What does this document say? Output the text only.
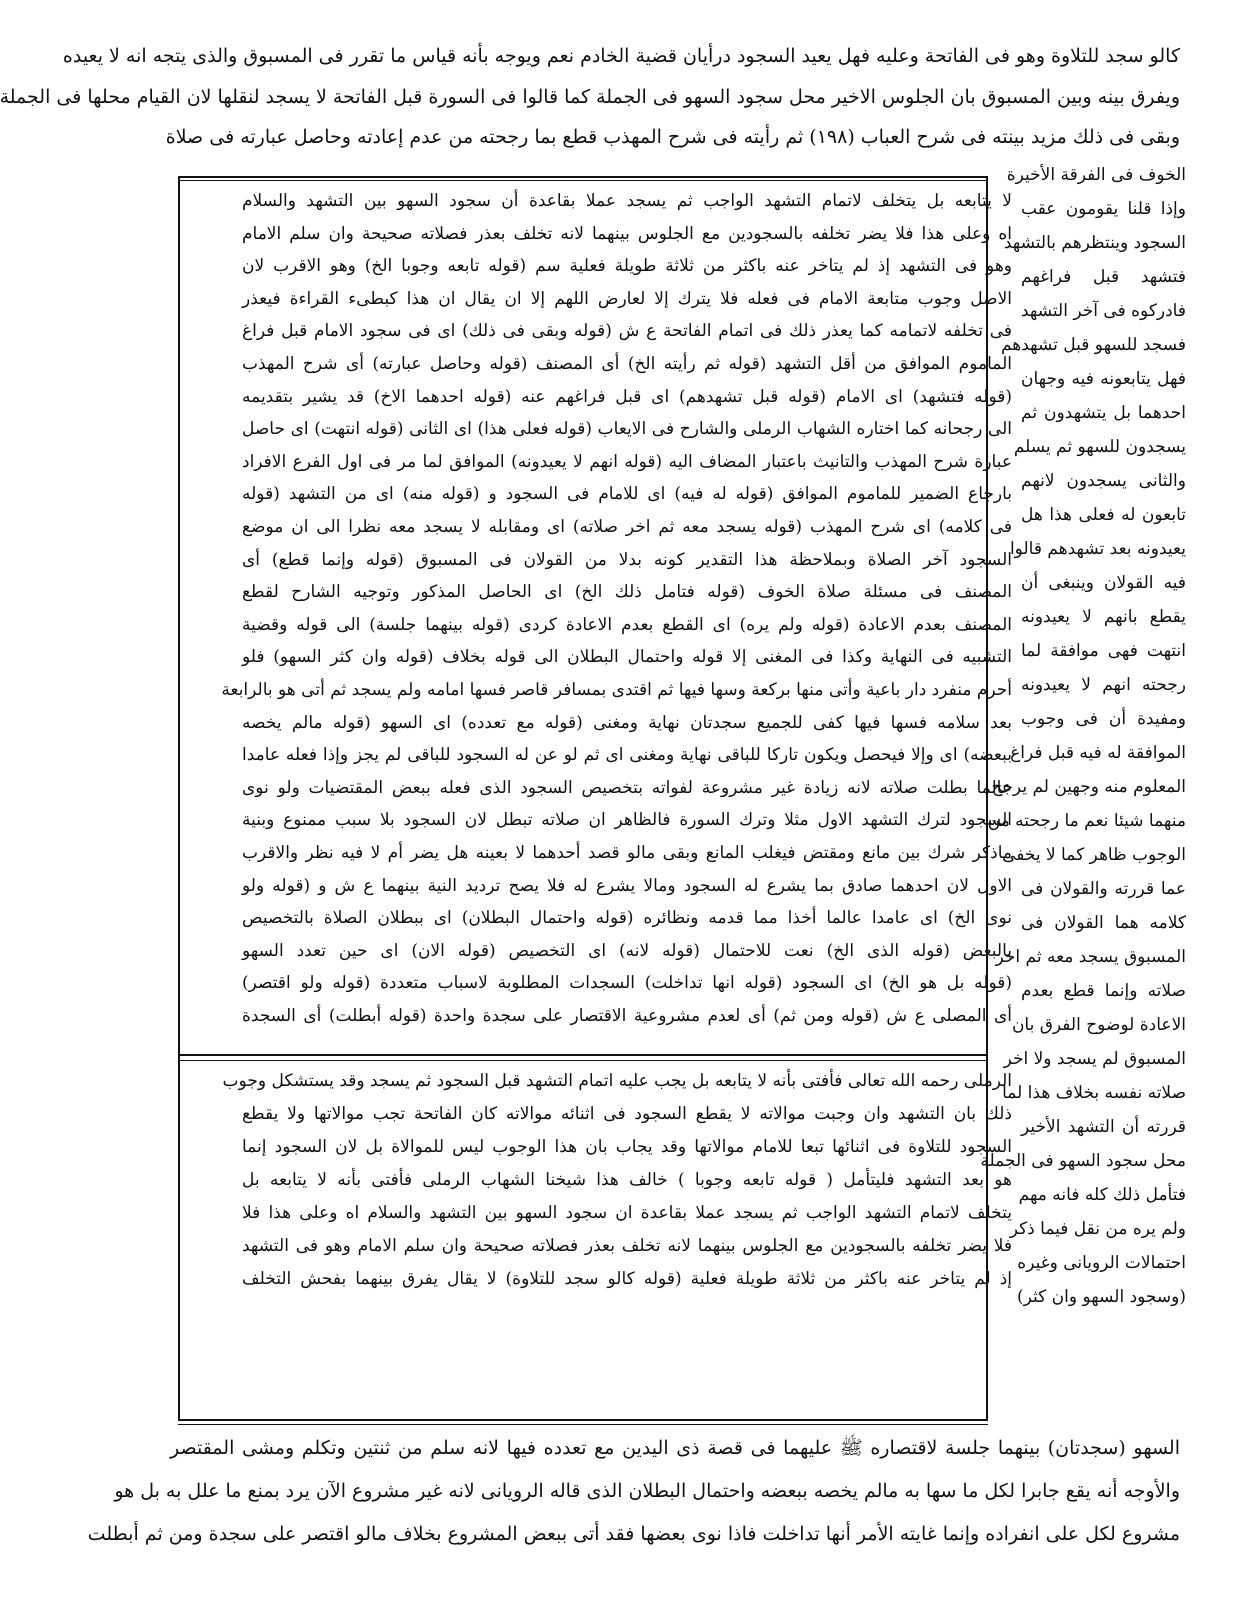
كالو سجد للتلاوة وهو فى الفاتحة وعليه فهل يعيد السجود درأيان قضية الخادم نعم ويوجه بأنه قياس ما تقرر فى المسبوق والذى يتجه انه لا يعيده
ويفرق بينه وبين المسبوق بان الجلوس الاخير محل سجود السهو فى الجملة كما قالوا فى السورة قبل الفاتحة لا يسجد لنقلها لان القيام محلها فى الجملة
وبقى فى ذلك مزيد بينته فى شرح العباب (١٩٨) ثم رأيته فى شرح المهذب قطع بما رجحته من عدم إعادته وحاصل عبارته فى صلاة
الخوف فى الفرقة الأخيرة
وإذا قلنا يقومون عقب
السجود وينتظرهم بالتشهد
فتشهد قبل فراغهم
فادركوه فى آخر التشهد
فسجد للسهو قبل تشهدهم
فهل يتابعونه فيه وجهان
احدهما بل يتشهدون ثم
يسجدون للسهو ثم يسلم
والثانى يسجدون لانهم
تابعون له فعلى هذا هل
يعيدونه بعد تشهدهم قالوا
فيه القولان وينبغى أن
يقطع بانهم لا يعيدونه
انتهت فهى موافقة لما
رجحته انهم لا يعيدونه
ومفيدة أن فى وجوب
الموافقة له فيه قبل فراغ
المعلوم منه وجهين لم يرجح
منهما شيئا نعم ما رجحته من
الوجوب ظاهر كما لا يخفى
عما قررته والقولان فى
كلامه هما القولان فى
المسبوق يسجد معه ثم اخر
صلاته وإنما قطع بعدم
الاعادة لوضوح الفرق بان
المسبوق لم يسجد ولا اخر
صلاته نفسه بخلاف هذا لما
قررته أن التشهد الأخير
محل سجود السهو فى الجملة
فتأمل ذلك كله فانه مهم
ولم يره من نقل فيما ذكر
احتمالات الرويانى وغيره
(وسجود السهو وان كثر)
لا يتابعه بل يتخلف لاتمام التشهد الواجب ثم يسجد عملا بقاعدة أن سجود السهو بين التشهد والسلام
اه وعلى هذا فلا يضر تخلفه بالسجودين مع الجلوس بينهما لانه تخلف بعذر فصلاته صحيحة وان سلم الامام
وهو فى التشهد إذ لم يتاخر عنه باكثر من ثلاثة طويلة فعلية سم (قوله تابعه وجوبا الخ) وهو الاقرب لان
الاصل وجوب متابعة الامام فى فعله فلا يترك إلا لعارض اللهم إلا ان يقال ان هذا كبطىء القراءة فيعذر
فى تخلفه لاتمامه كما يعذر ذلك فى اتمام الفاتحة ع ش (قوله وبقى فى ذلك) اى فى سجود الامام قبل فراغ
الماموم الموافق من أقل التشهد (قوله ثم رأيته الخ) أى المصنف (قوله وحاصل عبارته) أى شرح المهذب
(قوله فتشهد) اى الامام (قوله قبل تشهدهم) اى قبل فراغهم عنه (قوله احدهما الاخ) قد يشير بتقديمه
الى رجحانه كما اختاره الشهاب الرملى والشارح فى الايعاب (قوله فعلى هذا) اى الثانى (قوله انتهت) اى حاصل
عبارة شرح المهذب والتانيث باعتبار المضاف اليه (قوله انهم لا يعيدونه) الموافق لما مر فى اول الفرع الافراد
بارجاع الضمير للماموم الموافق (قوله له فيه) اى للامام فى السجود و (قوله منه) اى من التشهد (قوله
فى كلامه) اى شرح المهذب (قوله يسجد معه ثم اخر صلاته) اى ومقابله لا يسجد معه نظرا الى ان موضع
السجود آخر الصلاة وبملاحظة هذا التقدير كونه بدلا من القولان فى المسبوق (قوله وإنما قطع) أى
المصنف فى مسئلة صلاة الخوف (قوله فتامل ذلك الخ) اى الحاصل المذكور وتوجيه الشارح لقطع
المصنف بعدم الاعادة (قوله ولم يره) اى القطع بعدم الاعادة كردى (قوله بينهما جلسة) الى قوله وقضية
التشبيه فى النهاية وكذا فى المغنى إلا قوله واحتمال البطلان الى قوله بخلاف (قوله وان كثر السهو) فلو
أحرم منفرد دار باعية وأتى منها بركعة وسها فيها ثم اقتدى بمسافر قاصر فسها امامه ولم يسجد ثم أتى هو بالرابعة
بعد سلامه فسها فيها كفى للجميع سجدتان نهاية ومغنى (قوله مع تعدده) اى السهو (قوله مالم يخصه
ببعضه) اى وإلا فيحصل ويكون تاركا للباقى نهاية ومغنى اى ثم لو عن له السجود للباقى لم يجز وإذا فعله عامدا
عالما بطلت صلاته لانه زيادة غير مشروعة لفواته بتخصيص السجود الذى فعله ببعض المقتضيات ولو نوى
السجود لترك التشهد الاول مثلا وترك السورة فالظاهر ان صلاته تبطل لان السجود بلا سبب ممنوع وبنية
ماذكر شرك بين مانع ومقتض فيغلب المانع وبقى مالو قصد أحدهما لا بعينه هل يضر أم لا فيه نظر والاقرب
الاول لان احدهما صادق بما يشرع له السجود ومالا يشرع له فلا يصح ترديد النية بينهما ع ش و (قوله ولو
نوى الخ) اى عامدا عالما أخذا مما قدمه ونظائره (قوله واحتمال البطلان) اى ببطلان الصلاة بالتخصيص
بالبعض (قوله الذى الخ) نعت للاحتمال (قوله لانه) اى التخصيص (قوله الان) اى حين تعدد السهو
(قوله بل هو الخ) اى السجود (قوله انها تداخلت) السجدات المطلوبة لاسباب متعددة (قوله ولو اقتصر)
أى المصلى ع ش (قوله ومن ثم) أى لعدم مشروعية الاقتصار على سجدة واحدة (قوله أبطلت) أى السجدة
الرملى رحمه الله تعالى فأفتى بأنه لا يتابعه بل يجب عليه اتمام التشهد قبل السجود ثم يسجد وقد يستشكل وجوب
ذلك بان التشهد وان وجبت موالاته لا يقطع السجود فى اثنائه موالاته كان الفاتحة تجب موالاتها ولا يقطع
السجود للتلاوة فى اثنائها تبعا للامام موالاتها وقد يجاب بان هذا الوجوب ليس للموالاة بل لان السجود إنما
هو بعد التشهد فليتأمل ( قوله تابعه وجوبا ) خالف هذا شيخنا الشهاب الرملى فأفتى بأنه لا يتابعه بل
يتخلف لاتمام التشهد الواجب ثم يسجد عملا بقاعدة ان سجود السهو بين التشهد والسلام اه وعلى هذا فلا
فلا يضر تخلفه بالسجودين مع الجلوس بينهما لانه تخلف بعذر فصلاته صحيحة وان سلم الامام وهو فى التشهد
إذ لم يتاخر عنه باكثر من ثلاثة طويلة فعلية (قوله كالو سجد للتلاوة) لا يقال يفرق بينهما بفحش التخلف
السهو (سجدتان) بينهما جلسة لاقتصاره ﷺ عليهما فى قصة ذى اليدين مع تعدده فيها لانه سلم من ثنتين وتكلم ومشى المقتصر
والأوجه أنه يقع جابرا لكل ما سها به مالم يخصه ببعضه واحتمال البطلان الذى قاله الرويانى لانه غير مشروع الآن يرد بمنع ما علل به بل هو
مشروع لكل على انفراده وإنما غايته الأمر أنها تداخلت فاذا نوى بعضها فقد أتى ببعض المشروع بخلاف مالو اقتصر على سجدة ومن ثم أبطلت
